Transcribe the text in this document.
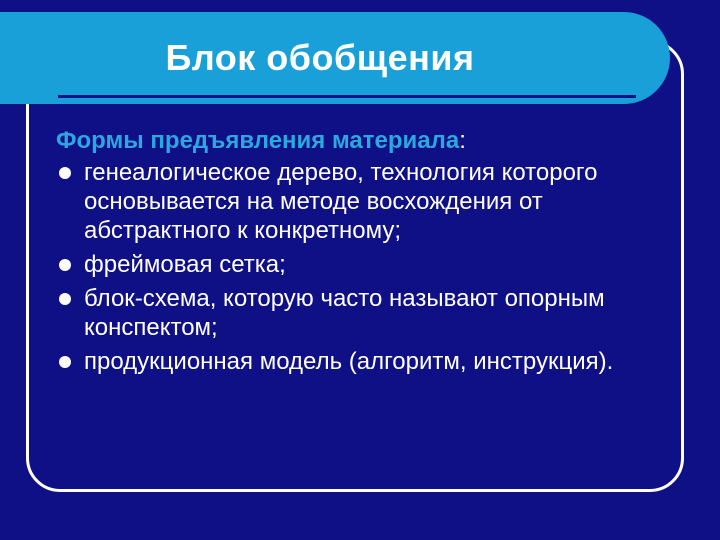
Блок обобщения
Формы предъявления материала:
генеалогическое дерево, технология которого основывается на методе восхождения от абстрактного к конкретному;
фреймовая сетка;
блок-схема, которую часто называют опорным конспектом;
продукционная модель (алгоритм, инструкция).
